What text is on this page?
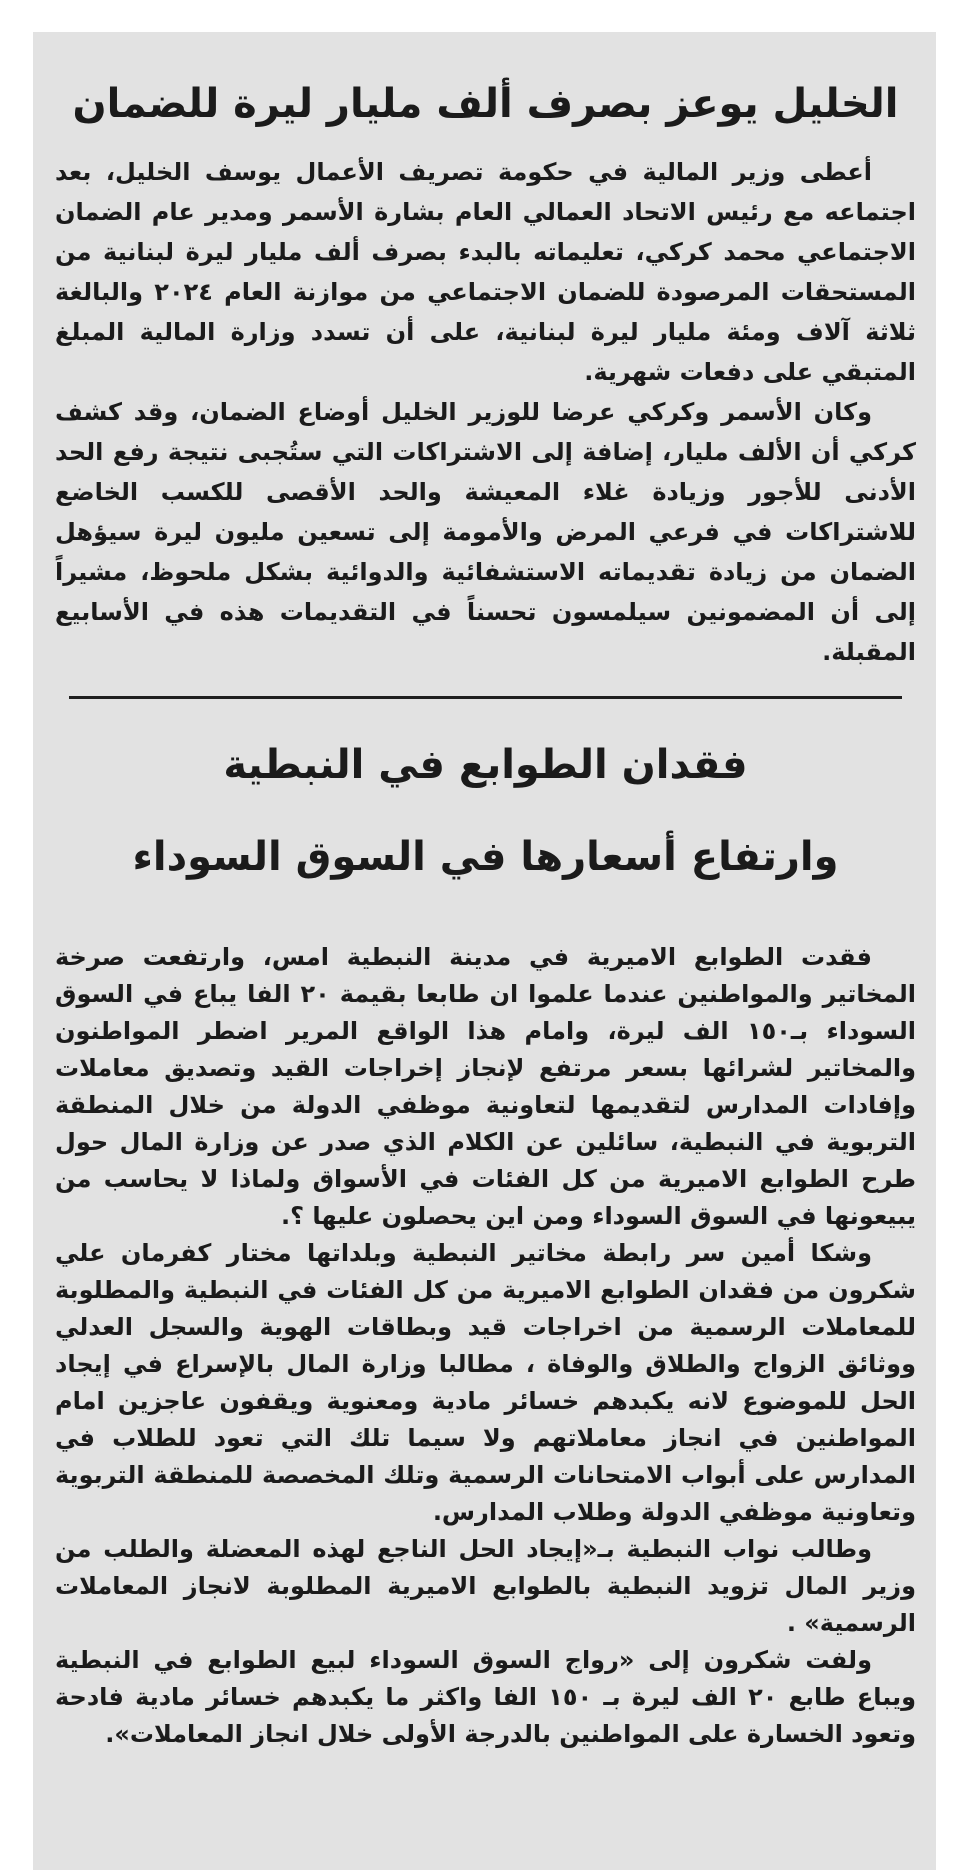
الخليل يوعز بصرف ألف مليار ليرة للضمان
أعطى وزير المالية في حكومة تصريف الأعمال يوسف الخليل، بعد اجتماعه مع رئيس الاتحاد العمالي العام بشارة الأسمر ومدير عام الضمان الاجتماعي محمد كركي، تعليماته بالبدء بصرف ألف مليار ليرة لبنانية من المستحقات المرصودة للضمان الاجتماعي من موازنة العام ٢٠٢٤ والبالغة ثلاثة آلاف ومئة مليار ليرة لبنانية، على أن تسدد وزارة المالية المبلغ المتبقي على دفعات شهرية.
وكان الأسمر وكركي عرضا للوزير الخليل أوضاع الضمان، وقد كشف كركي أن الألف مليار، إضافة إلى الاشتراكات التي ستُجبى نتيجة رفع الحد الأدنى للأجور وزيادة غلاء المعيشة والحد الأقصى للكسب الخاضع للاشتراكات في فرعي المرض والأمومة إلى تسعين مليون ليرة سيؤهل الضمان من زيادة تقديماته الاستشفائية والدوائية بشكل ملحوظ، مشيراً إلى أن المضمونين سيلمسون تحسناً في التقديمات هذه في الأسابيع المقبلة.
فقدان الطوابع في النبطية
وارتفاع أسعارها في السوق السوداء
فقدت الطوابع الاميرية في مدينة النبطية امس، وارتفعت صرخة المخاتير والمواطنين عندما علموا ان طابعا بقيمة ٢٠ الفا يباع في السوق السوداء بـ١٥٠ الف ليرة، وامام هذا الواقع المرير اضطر المواطنون والمخاتير لشرائها بسعر مرتفع لإنجاز إخراجات القيد وتصديق معاملات وإفادات المدارس لتقديمها لتعاونية موظفي الدولة من خلال المنطقة التربوية في النبطية، سائلين عن الكلام الذي صدر عن وزارة المال حول طرح الطوابع الاميرية من كل الفئات في الأسواق ولماذا لا يحاسب من يبيعونها في السوق السوداء ومن اين يحصلون عليها ؟.
وشكا أمين سر رابطة مخاتير النبطية وبلداتها مختار كفرمان علي شكرون من فقدان الطوابع الاميرية من كل الفئات في النبطية والمطلوبة للمعاملات الرسمية من اخراجات قيد وبطاقات الهوية والسجل العدلي ووثائق الزواج والطلاق والوفاة ، مطالبا وزارة المال بالإسراع في إيجاد الحل للموضوع لانه يكبدهم خسائر مادية ومعنوية ويقفون عاجزين امام المواطنين في انجاز معاملاتهم ولا سيما تلك التي تعود للطلاب في المدارس على أبواب الامتحانات الرسمية وتلك المخصصة للمنطقة التربوية وتعاونية موظفي الدولة وطلاب المدارس.
وطالب نواب النبطية بـ«إيجاد الحل الناجع لهذه المعضلة والطلب من وزير المال تزويد النبطية بالطوابع الاميرية المطلوبة لانجاز المعاملات الرسمية» .
ولفت شكرون إلى «رواج السوق السوداء لبيع الطوابع في النبطية ويباع طابع ٢٠ الف ليرة بـ ١٥٠ الفا واكثر ما يكبدهم خسائر مادية فادحة وتعود الخسارة على المواطنين بالدرجة الأولى خلال انجاز المعاملات».
